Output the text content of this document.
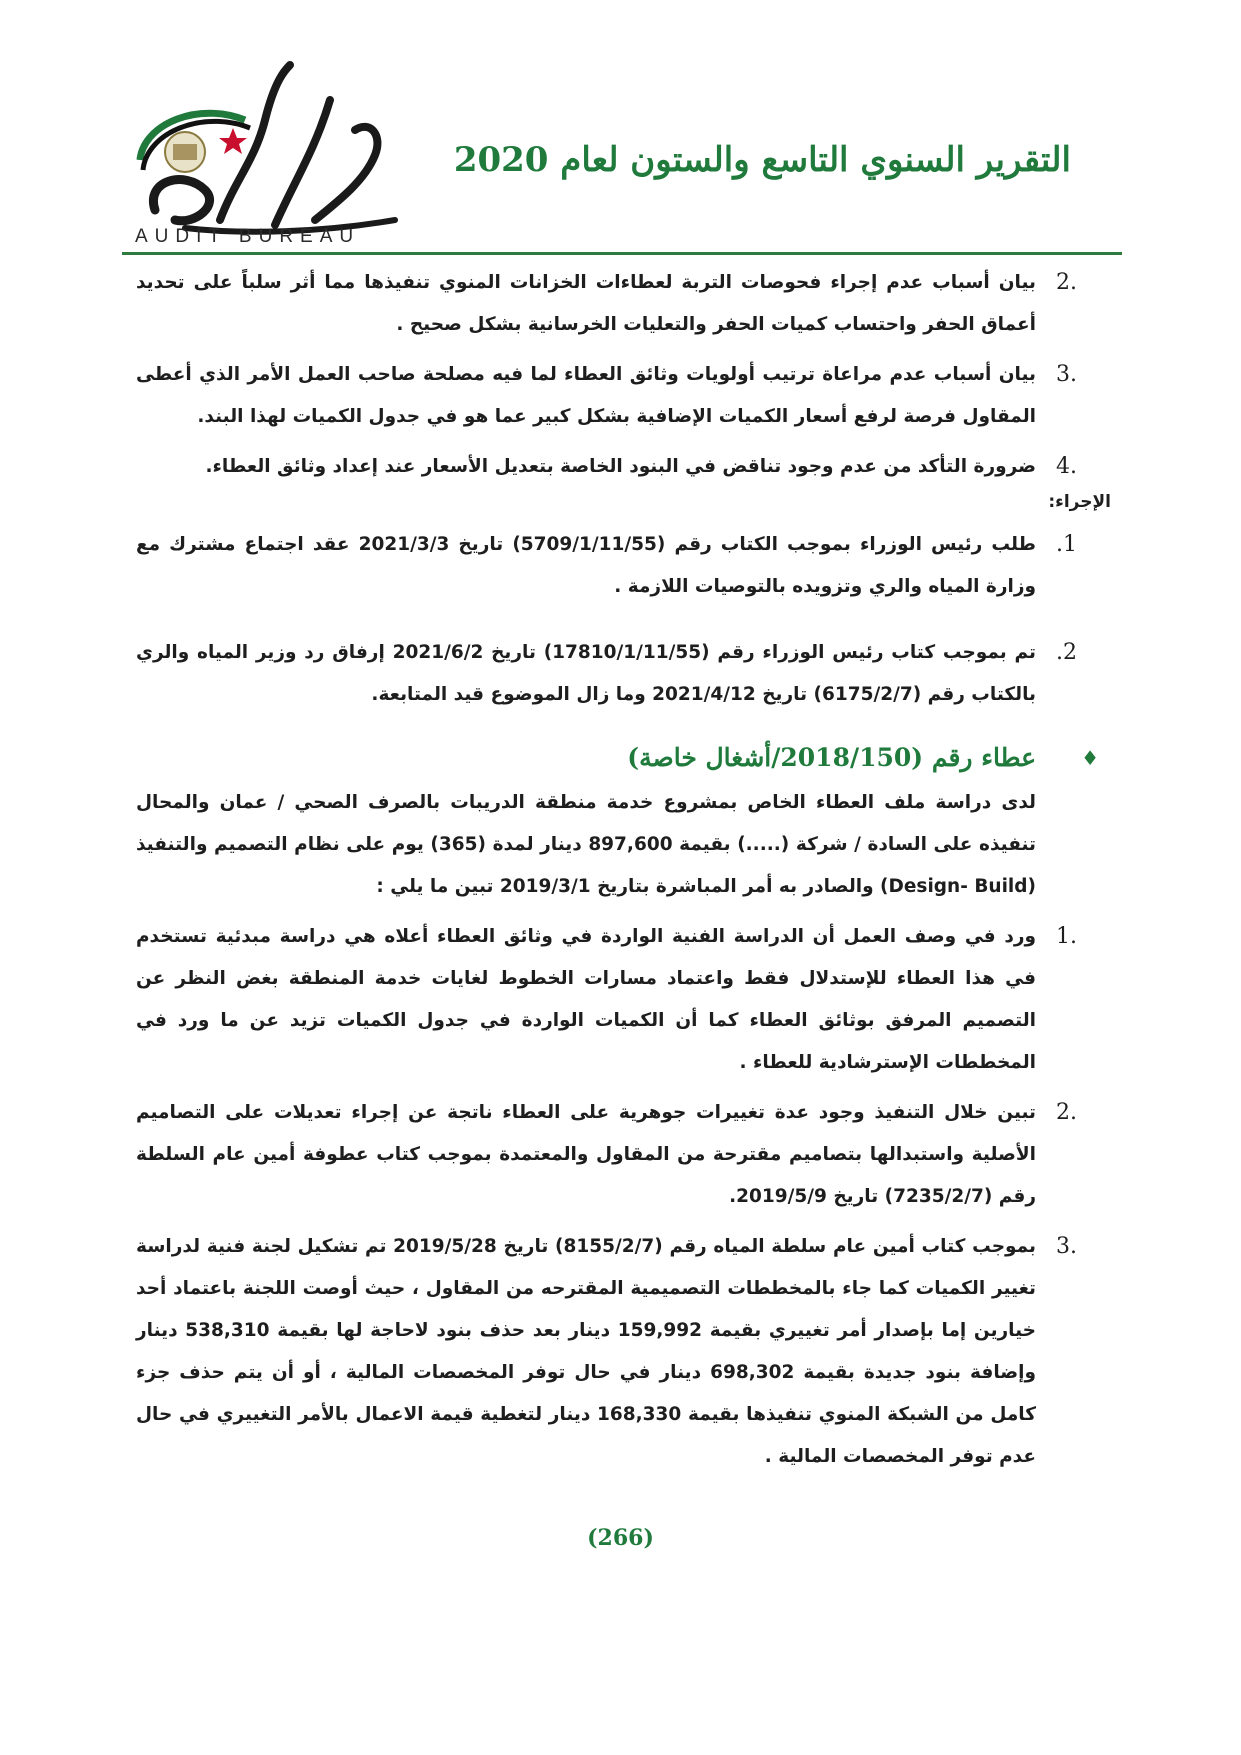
AUDIT BUREAU
التقرير السنوي التاسع والستون لعام 2020
2.
بيان أسباب عدم إجراء فحوصات التربة لعطاءات الخزانات المنوي تنفيذها مما أثر سلباً على تحديد أعماق الحفر واحتساب كميات الحفر والتعليات الخرسانية بشكل صحيح .
3.
بيان أسباب عدم مراعاة ترتيب أولويات وثائق العطاء لما فيه مصلحة صاحب العمل الأمر الذي أعطى المقاول فرصة لرفع أسعار الكميات الإضافية بشكل كبير عما هو في جدول الكميات لهذا البند.
4.
ضرورة التأكد من عدم وجود تناقض في البنود الخاصة بتعديل الأسعار عند إعداد وثائق العطاء.
الإجراء:
.1
طلب رئيس الوزراء بموجب الكتاب رقم (5709/1/11/55) تاريخ 2021/3/3 عقد اجتماع مشترك مع وزارة المياه والري وتزويده بالتوصيات اللازمة .
.2
تم بموجب كتاب رئيس الوزراء رقم (17810/1/11/55) تاريخ 2021/6/2 إرفاق رد وزير المياه والري بالكتاب رقم (6175/2/7) تاريخ 2021/4/12 وما زال الموضوع قيد المتابعة.
♦
عطاء رقم (2018/150/أشغال خاصة)
لدى دراسة ملف العطاء الخاص بمشروع خدمة منطقة الدريبات بالصرف الصحي / عمان والمحال تنفيذه على السادة / شركة (.....) بقيمة 897,600 دينار لمدة (365) يوم على نظام التصميم والتنفيذ (Design- Build) والصادر به أمر المباشرة بتاريخ 2019/3/1 تبين ما يلي :
1.
ورد في وصف العمل أن الدراسة الفنية الواردة في وثائق العطاء أعلاه هي دراسة مبدئية تستخدم في هذا العطاء للإستدلال فقط واعتماد مسارات الخطوط لغايات خدمة المنطقة بغض النظر عن التصميم المرفق بوثائق العطاء كما أن الكميات الواردة في جدول الكميات تزيد عن ما ورد في المخططات الإسترشادية للعطاء .
2.
تبين خلال التنفيذ وجود عدة تغييرات جوهرية على العطاء ناتجة عن إجراء تعديلات على التصاميم الأصلية واستبدالها بتصاميم مقترحة من المقاول والمعتمدة بموجب كتاب عطوفة أمين عام السلطة رقم (7235/2/7) تاريخ 2019/5/9.
3.
بموجب كتاب أمين عام سلطة المياه رقم (8155/2/7) تاريخ 2019/5/28 تم تشكيل لجنة فنية لدراسة تغيير الكميات كما جاء بالمخططات التصميمية المقترحه من المقاول ، حيث أوصت اللجنة باعتماد أحد خيارين إما بإصدار أمر تغييري بقيمة 159,992 دينار بعد حذف بنود لاحاجة لها بقيمة 538,310 دينار وإضافة بنود جديدة بقيمة 698,302 دينار في حال توفر المخصصات المالية ، أو أن يتم حذف جزء كامل من الشبكة المنوي تنفيذها بقيمة 168,330 دينار لتغطية قيمة الاعمال بالأمر التغييري في حال عدم توفر المخصصات المالية .
(266)
